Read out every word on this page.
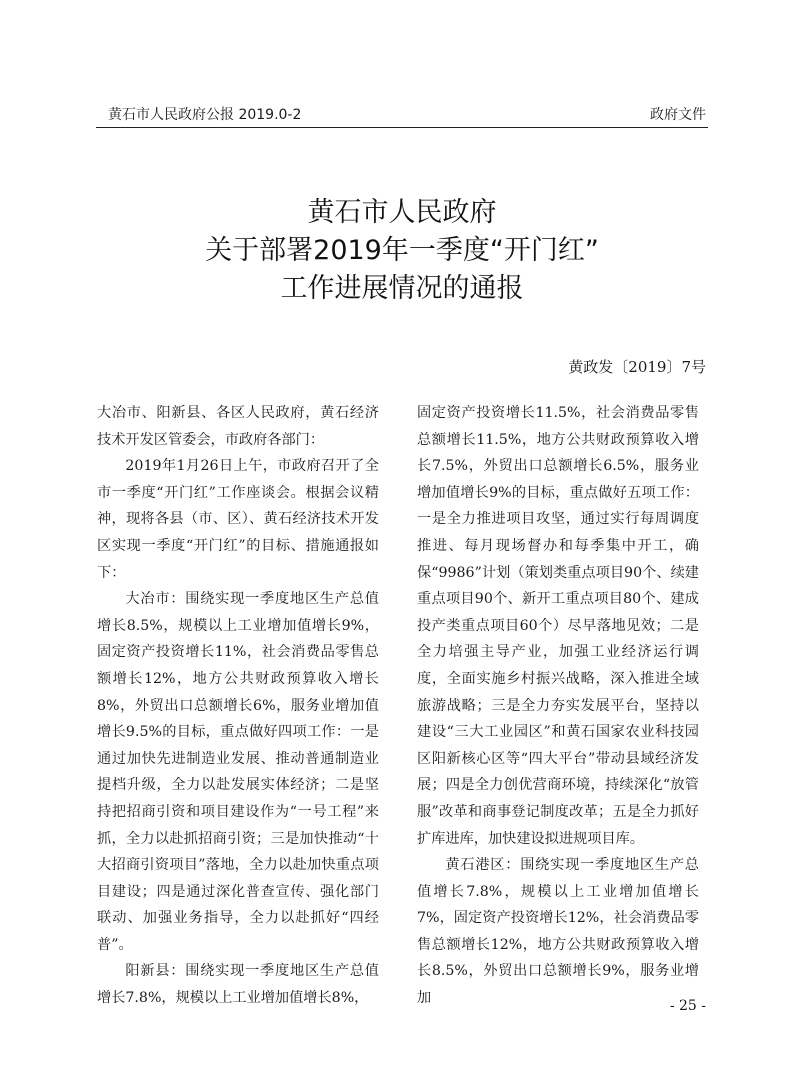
黄石市人民政府公报 2019.0-2	政府文件
黄石市人民政府
关于部署2019年一季度“开门红”
工作进展情况的通报
黄政发〔2019〕7号

大冶市、阳新县、各区人民政府，黄石经济技术开发区管委会，市政府各部门：

2019年1月26日上午，市政府召开了全市一季度“开门红”工作座谈会。根据会议精神，现将各县（市、区）、黄石经济技术开发区实现一季度“开门红”的目标、措施通报如下：

大冶市：围绕实现一季度地区生产总值增长8.5%，规模以上工业增加值增长9%，固定资产投资增长11%，社会消费品零售总额增长12%，地方公共财政预算收入增长8%，外贸出口总额增长6%，服务业增加值增长9.5%的目标，重点做好四项工作：一是通过加快先进制造业发展、推动普通制造业提档升级，全力以赴发展实体经济；二是坚持把招商引资和项目建设作为“一号工程”来抓，全力以赴抓招商引资；三是加快推动“十大招商引资项目”落地，全力以赴加快重点项目建设；四是通过深化普查宣传、强化部门联动、加强业务指导，全力以赴抓好“四经普”。

阳新县：围绕实现一季度地区生产总值增长7.8%，规模以上工业增加值增长8%，

固定资产投资增长11.5%，社会消费品零售总额增长11.5%，地方公共财政预算收入增长7.5%，外贸出口总额增长6.5%，服务业增加值增长9%的目标，重点做好五项工作：一是全力推进项目攻坚，通过实行每周调度推进、每月现场督办和每季集中开工，确保“9986”计划（策划类重点项目90个、续建重点项目90个、新开工重点项目80个、建成投产类重点项目60个）尽早落地见效；二是全力培强主导产业，加强工业经济运行调度，全面实施乡村振兴战略，深入推进全域旅游战略；三是全力夯实发展平台，坚持以建设“三大工业园区”和黄石国家农业科技园区阳新核心区等“四大平台”带动县域经济发展；四是全力创优营商环境，持续深化“放管服”改革和商事登记制度改革；五是全力抓好扩库进库，加快建设拟进规项目库。

黄石港区：围绕实现一季度地区生产总值增长7.8%，规模以上工业增加值增长7%，固定资产投资增长12%，社会消费品零售总额增长12%，地方公共财政预算收入增长8.5%，外贸出口总额增长9%，服务业增加	- 25 -
